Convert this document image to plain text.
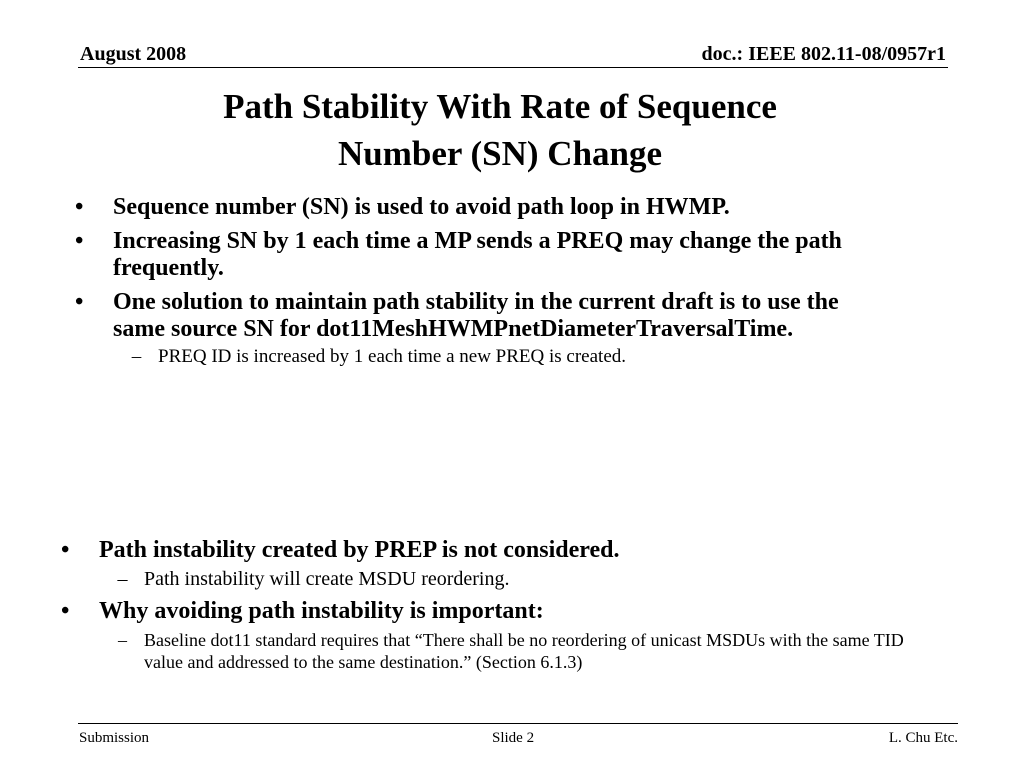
August 2008	doc.: IEEE 802.11-08/0957r1
Path Stability With Rate of Sequence
Number (SN) Change
•	Sequence number (SN) is used to avoid path loop in HWMP.
•	Increasing SN by 1 each time a MP sends a PREQ may change the path frequently.
•	One solution to maintain path stability in the current draft is to use the same source SN for dot11MeshHWMPnetDiameterTraversalTime.
– PREQ ID is increased by 1 each time a new PREQ is created.
•	Path instability created by PREP is not considered.
– Path instability will create MSDU reordering.
•	Why avoiding path instability is important:
– Baseline dot11 standard requires that “There shall be no reordering of unicast MSDUs with the same TID value and addressed to the same destination.” (Section 6.1.3)
Submission	Slide 2	L. Chu Etc.
